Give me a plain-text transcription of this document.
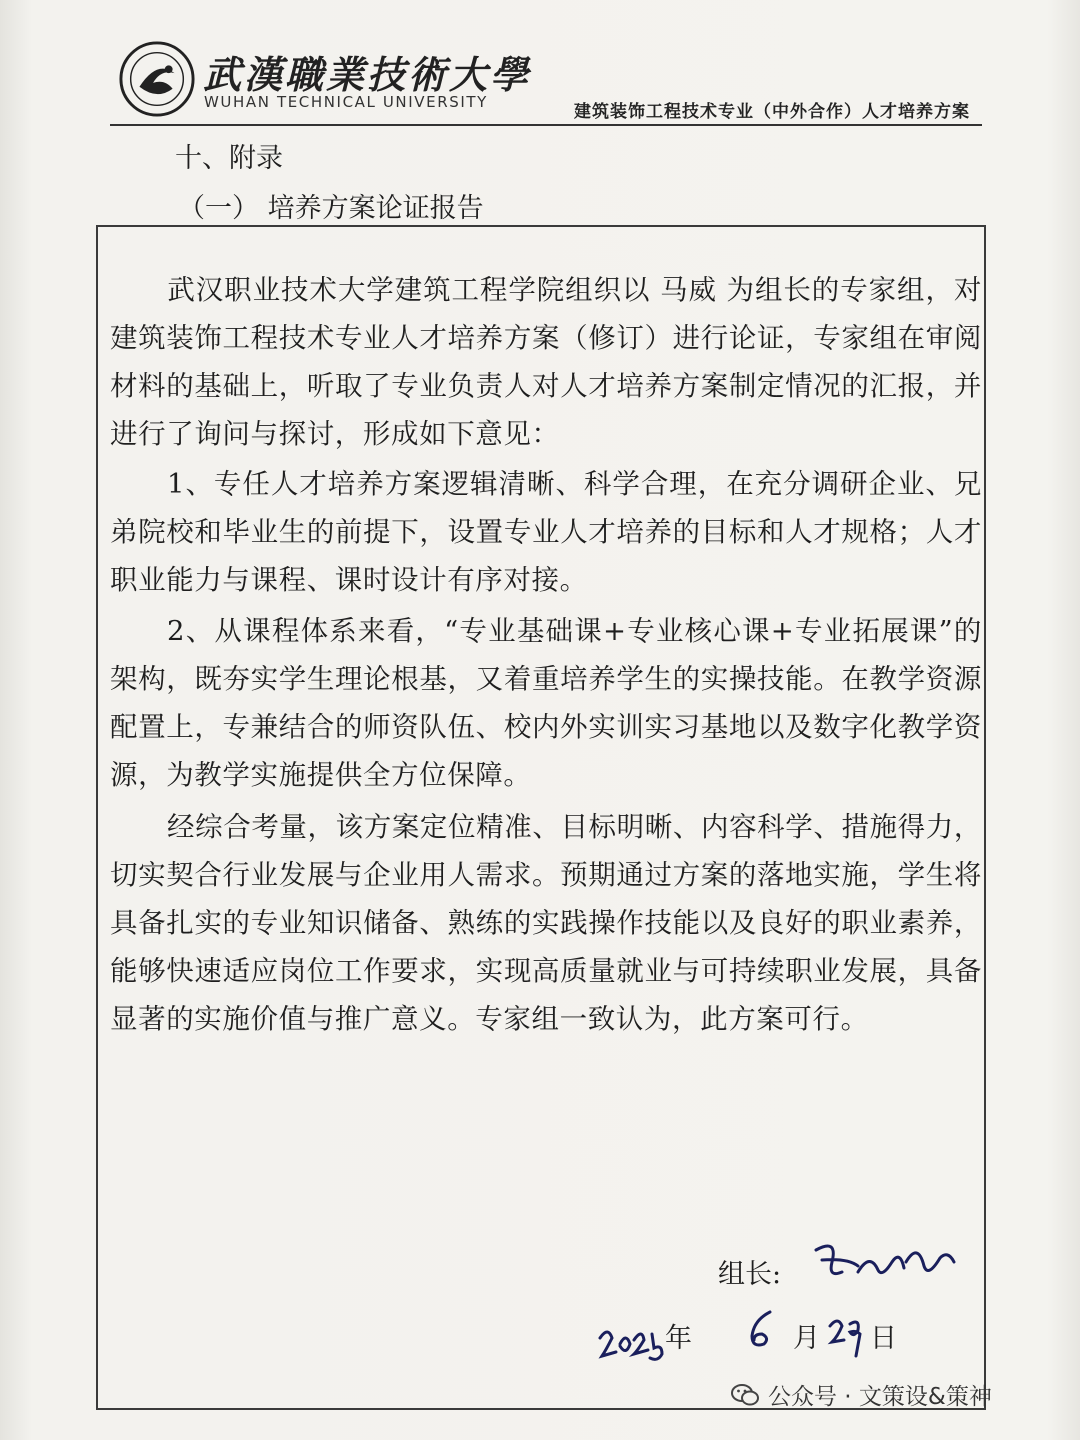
武漢職業技術大學
WUHAN TECHNICAL UNIVERSITY	建筑装饰工程技术专业（中外合作）人才培养方案
十、附录
（一） 培养方案论证报告

武汉职业技术大学建筑工程学院组织以 马威 为组长的专家组，对建筑装饰工程技术专业人才培养方案（修订）进行论证，专家组在审阅材料的基础上，听取了专业负责人对人才培养方案制定情况的汇报，并进行了询问与探讨，形成如下意见：

1、专任人才培养方案逻辑清晰、科学合理，在充分调研企业、兄弟院校和毕业生的前提下，设置专业人才培养的目标和人才规格；人才职业能力与课程、课时设计有序对接。

2、从课程体系来看，“专业基础课+专业核心课+专业拓展课”的架构，既夯实学生理论根基，又着重培养学生的实操技能。在教学资源配置上，专兼结合的师资队伍、校内外实训实习基地以及数字化教学资源，为教学实施提供全方位保障。

经综合考量，该方案定位精准、目标明晰、内容科学、措施得力，切实契合行业发展与企业用人需求。预期通过方案的落地实施，学生将具备扎实的专业知识储备、熟练的实践操作技能以及良好的职业素养，能够快速适应岗位工作要求，实现高质量就业与可持续职业发展，具备显著的实施价值与推广意义。专家组一致认为，此方案可行。

组长:
年	月 日
公众号 · 文策设&策神
